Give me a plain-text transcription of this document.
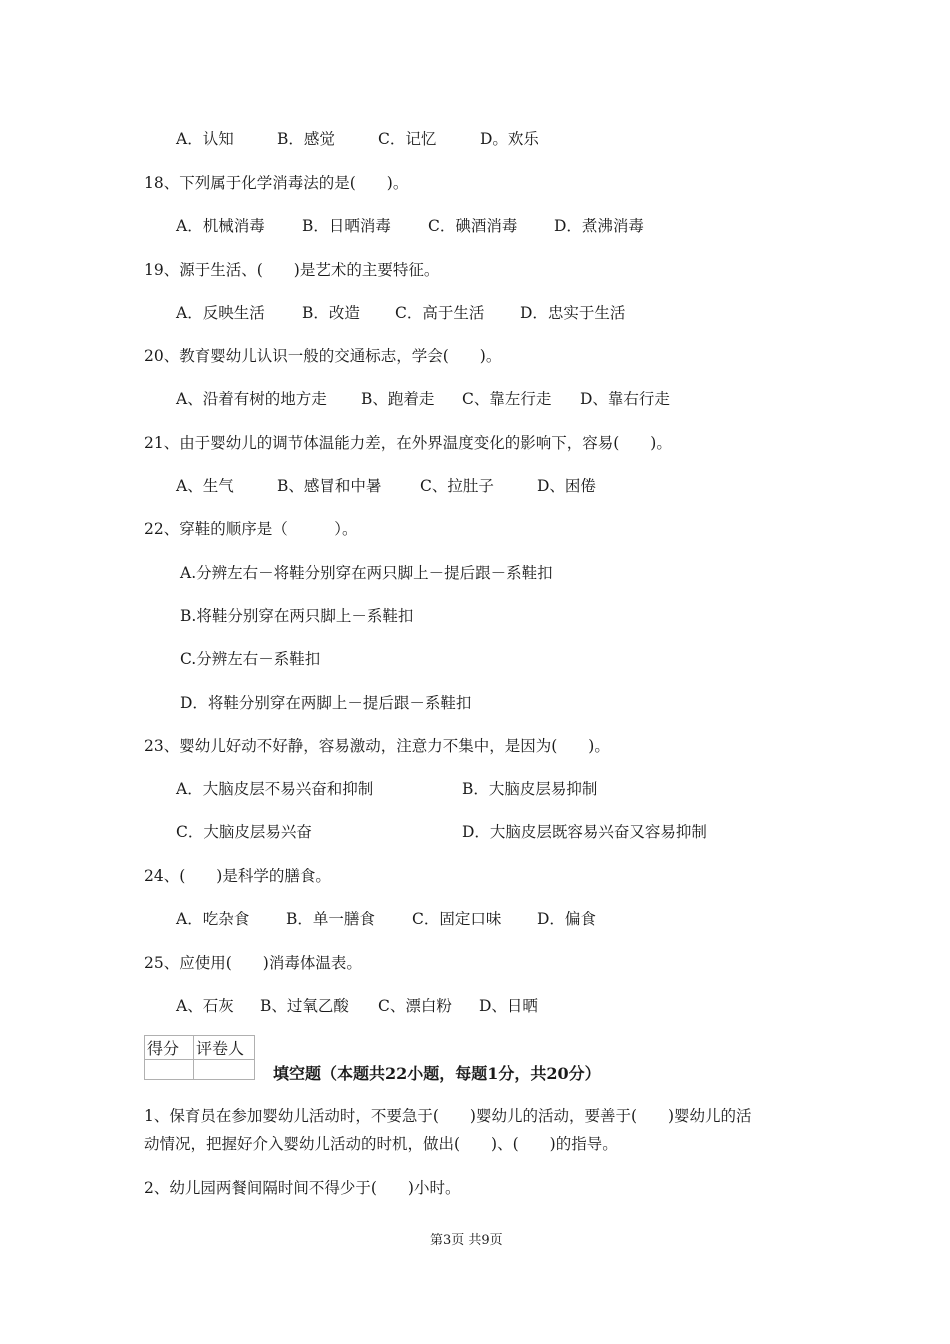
A．认知	B．感觉	C．记忆	D。欢乐
18、下列属于化学消毒法的是(　　)。
A．机械消毒 B．日晒消毒 C．碘酒消毒 D．煮沸消毒
19、源于生活、(　　)是艺术的主要特征。
A．反映生活 B．改造 C．高于生活 D．忠实于生活
20、教育婴幼儿认识一般的交通标志，学会(　　)。
A、沿着有树的地方走 B、跑着走 C、靠左行走 D、靠右行走
21、由于婴幼儿的调节体温能力差，在外界温度变化的影响下，容易(　　)。
A、生气	B、感冒和中暑 C、拉肚子	D、困倦
22、穿鞋的顺序是（　　　）。
A.分辨左右－将鞋分别穿在两只脚上－提后跟－系鞋扣
B.将鞋分别穿在两只脚上－系鞋扣
C.分辨左右－系鞋扣
D．将鞋分别穿在两脚上－提后跟－系鞋扣
23、婴幼儿好动不好静，容易激动，注意力不集中，是因为(　　)。
A．大脑皮层不易兴奋和抑制	B．大脑皮层易抑制
C．大脑皮层易兴奋	D．大脑皮层既容易兴奋又容易抑制
24、(　　)是科学的膳食。
A．吃杂食 B．单一膳食 C．固定口味 D．偏食
25、应使用(　　)消毒体温表。
A、石灰 B、过氧乙酸 C、漂白粉 D、日晒
得分	评卷人

填空题（本题共22小题，每题1分，共20分）
1、保育员在参加婴幼儿活动时，不要急于(　　)婴幼儿的活动，要善于(　　)婴幼儿的活
动情况，把握好介入婴幼儿活动的时机，做出(　　)、(　　)的指导。
2、幼儿园两餐间隔时间不得少于(　　)小时。
第3页 共9页
